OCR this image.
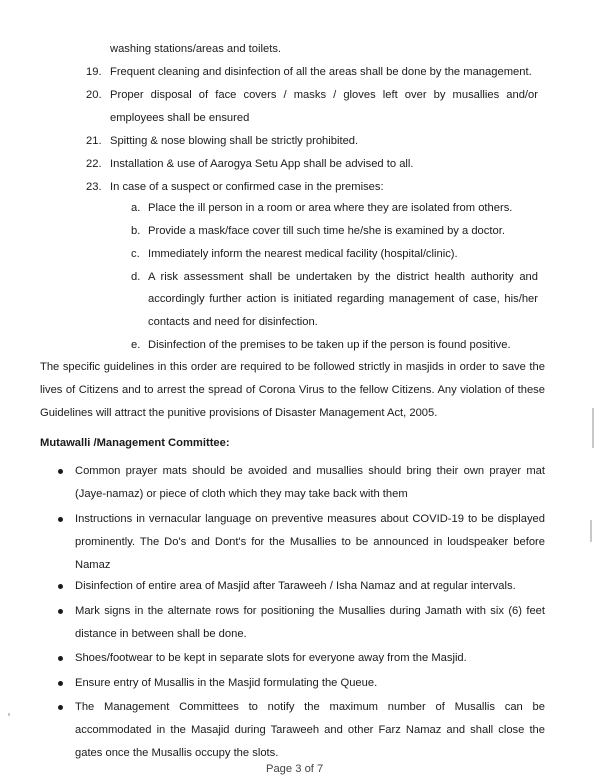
washing stations/areas and toilets.
19. Frequent cleaning and disinfection of all the areas shall be done by the management.
20. Proper disposal of face covers / masks / gloves left over by musallies and/or
employees shall be ensured
21. Spitting & nose blowing shall be strictly prohibited.
22. Installation & use of Aarogya Setu App shall be advised to all.
23. In case of a suspect or confirmed case in the premises:
a. Place the ill person in a room or area where they are isolated from others.
b. Provide a mask/face cover till such time he/she is examined by a doctor.
c. Immediately inform the nearest medical facility (hospital/clinic).
d. A risk assessment shall be undertaken by the district health authority and
accordingly further action is initiated regarding management of case, his/her
contacts and need for disinfection.
e. Disinfection of the premises to be taken up if the person is found positive.
The specific guidelines in this order are required to be followed strictly in masjids in order to save the
lives of Citizens and to arrest the spread of Corona Virus to the fellow Citizens. Any violation of these
Guidelines will attract the punitive provisions of Disaster Management Act, 2005.
Mutawalli /Management Committee:
Common prayer mats should be avoided and musallies should bring their own prayer mat
(Jaye-namaz) or piece of cloth which they may take back with them
Instructions in vernacular language on preventive measures about COVID-19 to be displayed
prominently. The Do's and Dont's for the Musallies to be announced in loudspeaker before
Namaz
Disinfection of entire area of Masjid after Taraweeh / Isha Namaz and at regular intervals.
Mark signs in the alternate rows for positioning the Musallies during Jamath with six (6) feet
distance in between shall be done.
Shoes/footwear to be kept in separate slots for everyone away from the Masjid.
Ensure entry of Musallis in the Masjid formulating the Queue.
The Management Committees to notify the maximum number of Musallis can be
accommodated in the Masajid during Taraweeh and other Farz Namaz and shall close the
gates once the Musallis occupy the slots.
Page 3 of 7
